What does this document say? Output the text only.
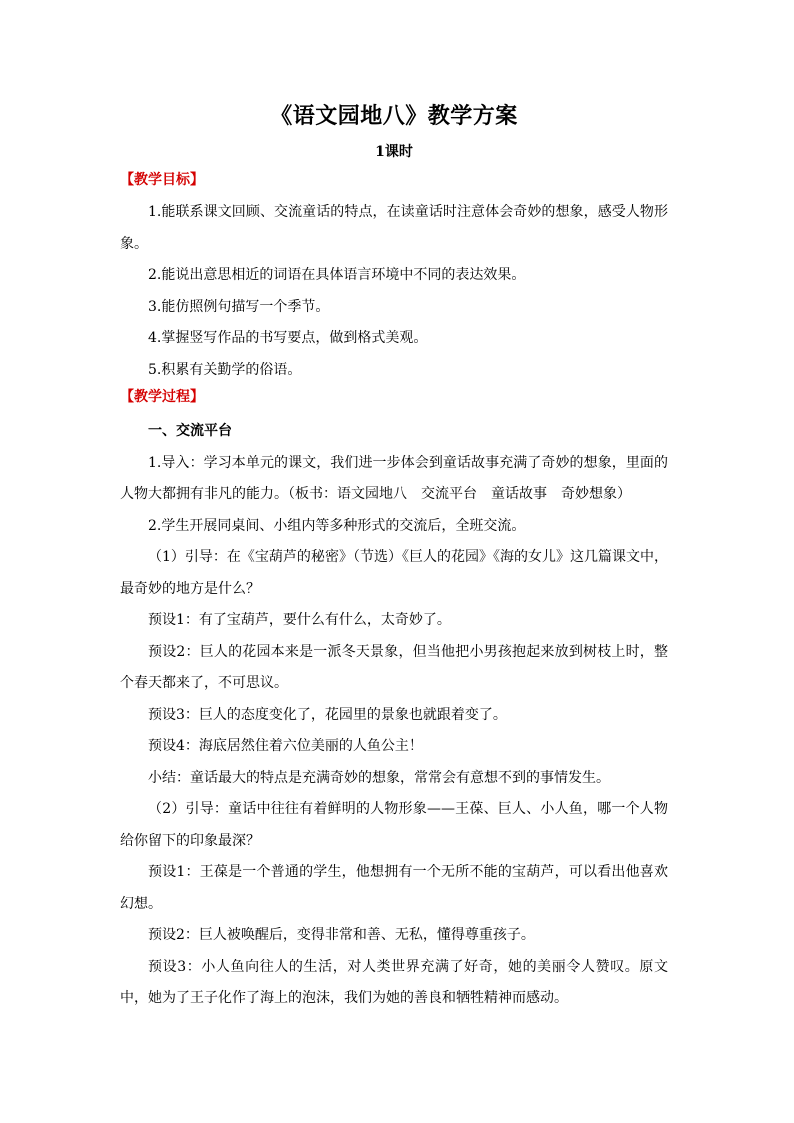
《语文园地八》教学方案
1课时
【教学目标】

1.能联系课文回顾、交流童话的特点，在读童话时注意体会奇妙的想象，感受人物形象。

2.能说出意思相近的词语在具体语言环境中不同的表达效果。

3.能仿照例句描写一个季节。

4.掌握竖写作品的书写要点，做到格式美观。

5.积累有关勤学的俗语。

【教学过程】
一、交流平台

1.导入：学习本单元的课文，我们进一步体会到童话故事充满了奇妙的想象，里面的人物大都拥有非凡的能力。（板书：语文园地八　交流平台　童话故事　奇妙想象）

2.学生开展同桌间、小组内等多种形式的交流后，全班交流。

（1）引导：在《宝葫芦的秘密》（节选）《巨人的花园》《海的女儿》这几篇课文中，最奇妙的地方是什么？

预设1：有了宝葫芦，要什么有什么，太奇妙了。

预设2：巨人的花园本来是一派冬天景象，但当他把小男孩抱起来放到树枝上时，整个春天都来了，不可思议。

预设3：巨人的态度变化了，花园里的景象也就跟着变了。

预设4：海底居然住着六位美丽的人鱼公主！

小结：童话最大的特点是充满奇妙的想象，常常会有意想不到的事情发生。

（2）引导：童话中往往有着鲜明的人物形象——王葆、巨人、小人鱼，哪一个人物给你留下的印象最深？

预设1：王葆是一个普通的学生，他想拥有一个无所不能的宝葫芦，可以看出他喜欢幻想。

预设2：巨人被唤醒后，变得非常和善、无私，懂得尊重孩子。

预设3：小人鱼向往人的生活，对人类世界充满了好奇，她的美丽令人赞叹。原文中，她为了王子化作了海上的泡沫，我们为她的善良和牺牲精神而感动。
